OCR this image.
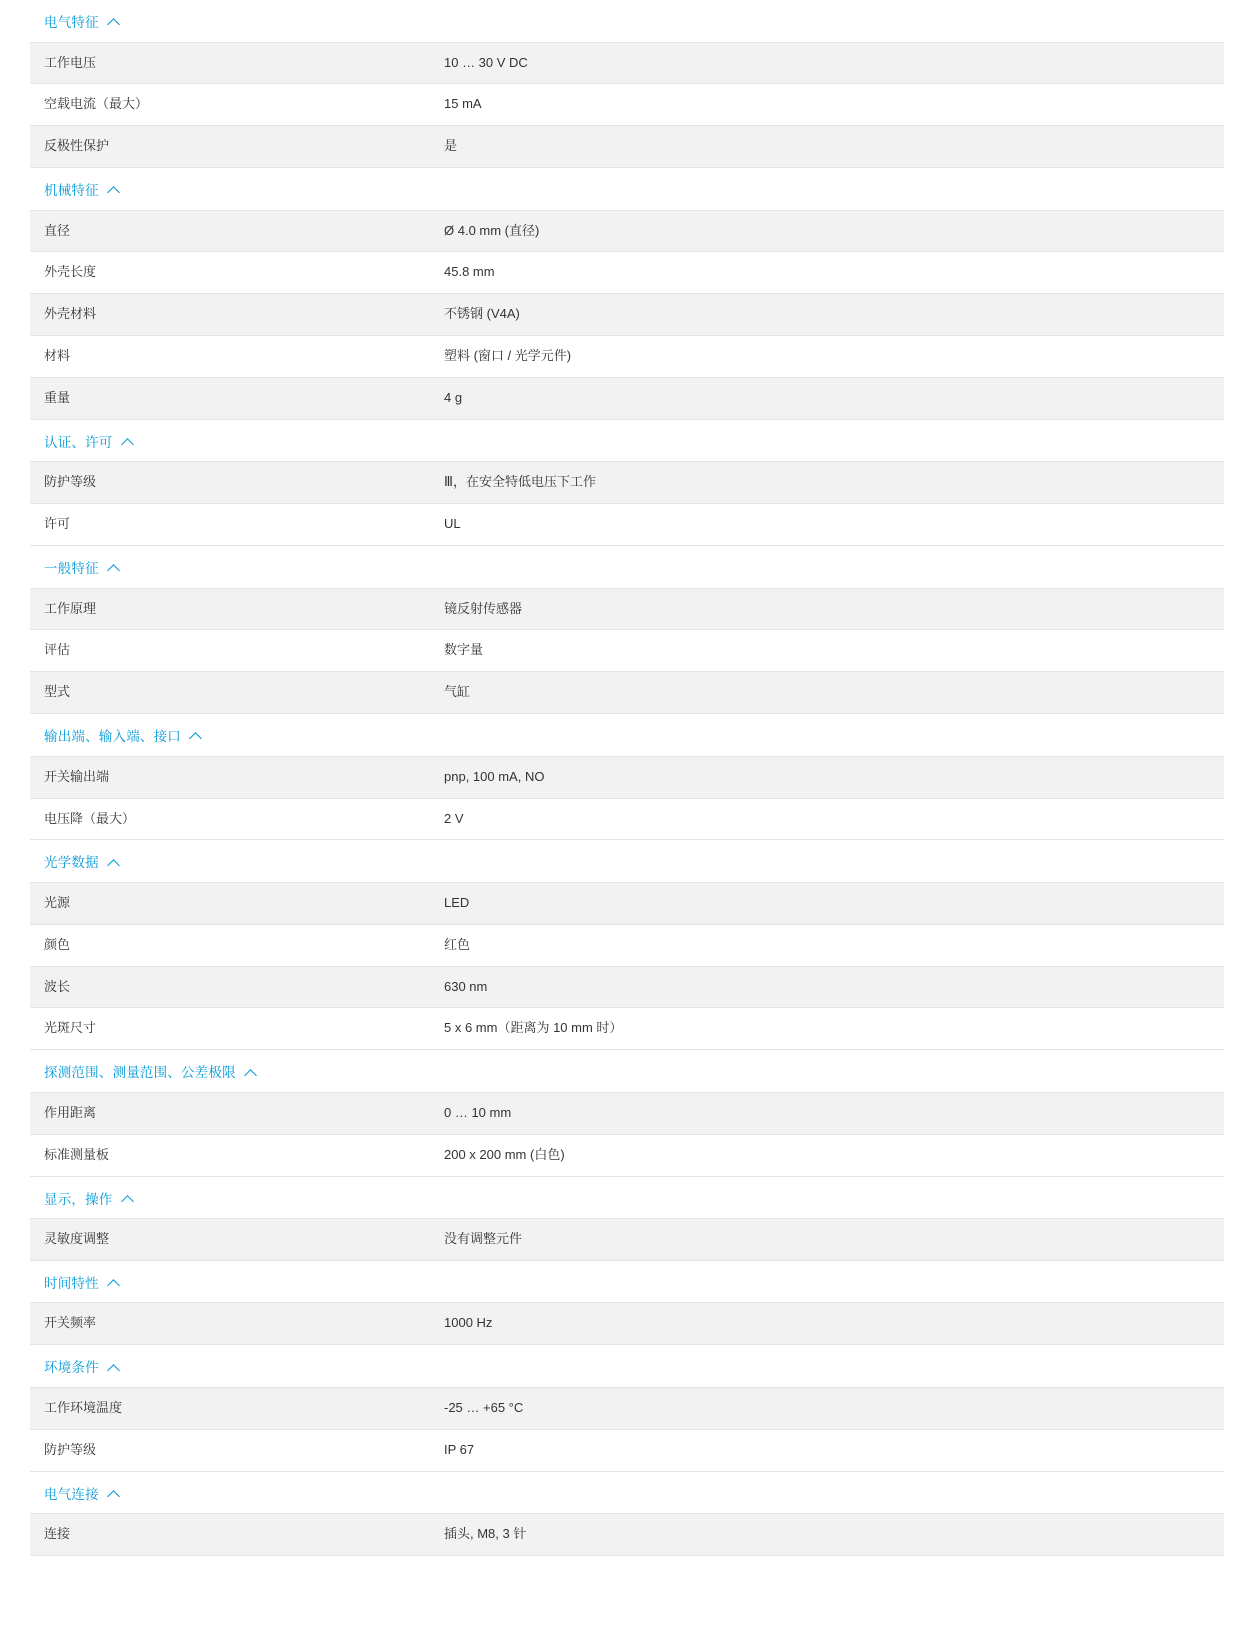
电气特征	

工作电压	10 … 30 V DC

空载电流（最大）	15 mA

反极性保护	是

机械特征	

直径	Ø 4.0 mm (直径)

外壳长度	45.8 mm

外壳材料	不锈钢 (V4A)

材料	塑料 (窗口 / 光学元件)

重量	4 g

认证、许可	

防护等级	Ⅲ，在安全特低电压下工作

许可	UL

一般特征	

工作原理	镜反射传感器

评估	数字量

型式	气缸

输出端、输入端、接口	

开关输出端	pnp, 100 mA, NO

电压降（最大）	2 V

光学数据	

光源	LED

颜色	红色

波长	630 nm

光斑尺寸	5 x 6 mm（距离为 10 mm 时）

探测范围、测量范围、公差极限	

作用距离	0 … 10 mm

标准测量板	200 x 200 mm (白色)

显示，操作	

灵敏度调整	没有调整元件

时间特性	

开关频率	1000 Hz

环境条件	

工作环境温度	-25 … +65 °C

防护等级	IP 67

电气连接	

连接	插头, M8, 3 针
